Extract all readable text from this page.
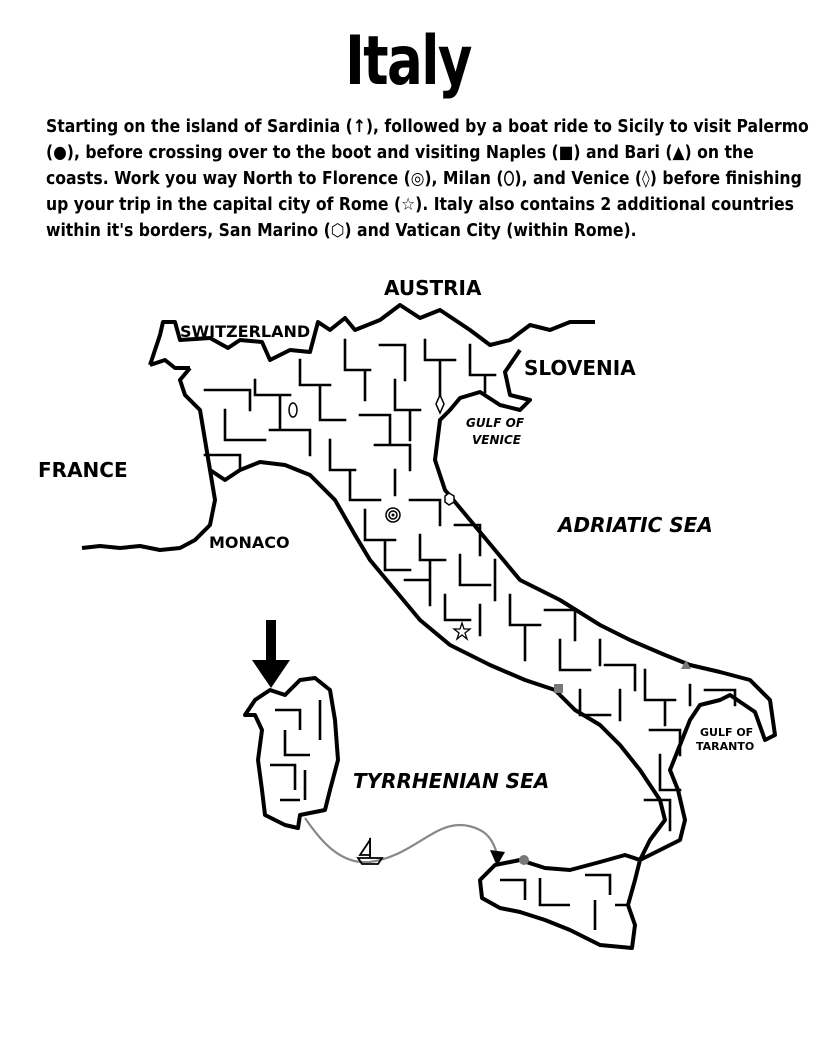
Italy
Starting on the island of Sardinia (↑), followed by a boat ride to Sicily to visit Palermo
(●), before crossing over to the boot and visiting Naples (■) and Bari (▲) on the
coasts. Work you way North to Florence (◎), Milan (⬯), and Venice (◊) before finishing
up your trip in the capital city of Rome (☆). Italy also contains 2 additional countries
within it's borders, San Marino (⬡) and Vatican City (within Rome).
AUSTRIA
SWITZERLAND
SLOVENIA
GULF OF
VENICE
FRANCE
ADRIATIC SEA
MONACO
TYRRHENIAN SEA
GULF OF
TARANTO
